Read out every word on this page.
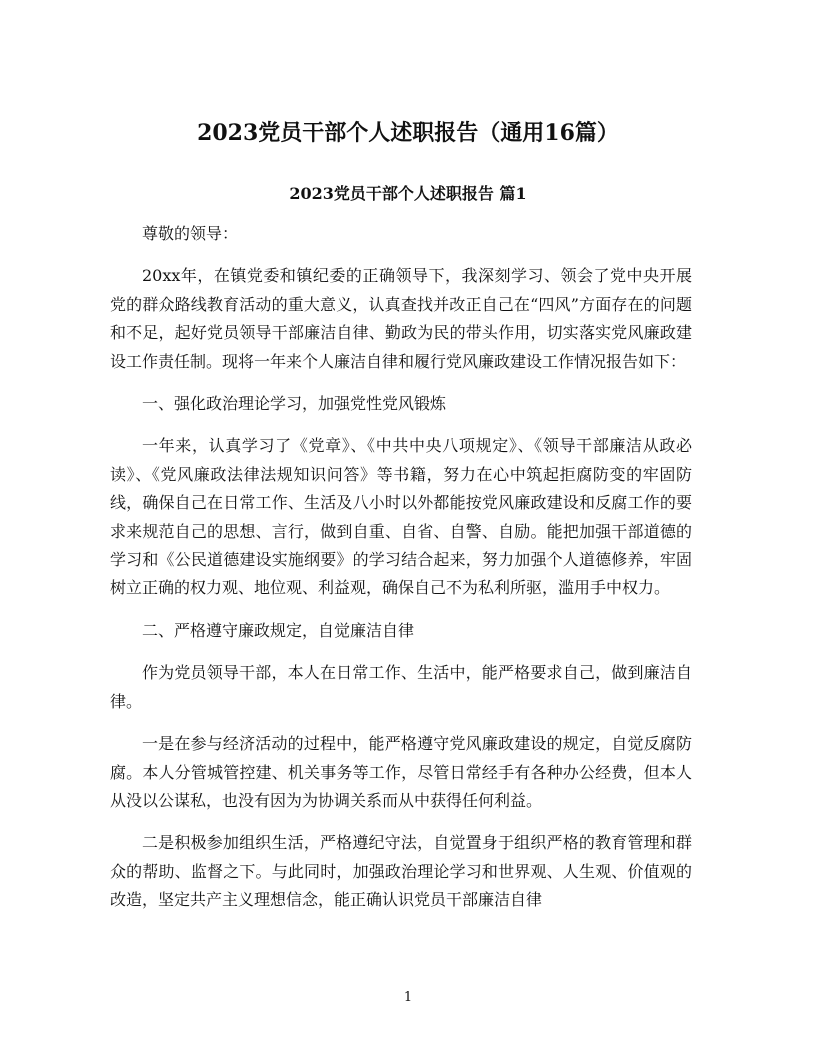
2023党员干部个人述职报告（通用16篇）
2023党员干部个人述职报告 篇1

尊敬的领导：

20xx年，在镇党委和镇纪委的正确领导下，我深刻学习、领会了党中央开展党的群众路线教育活动的重大意义，认真查找并改正自己在“四风”方面存在的问题和不足，起好党员领导干部廉洁自律、勤政为民的带头作用，切实落实党风廉政建设工作责任制。现将一年来个人廉洁自律和履行党风廉政建设工作情况报告如下：

一、强化政治理论学习，加强党性党风锻炼

一年来，认真学习了《党章》、《中共中央八项规定》、《领导干部廉洁从政必读》、《党风廉政法律法规知识问答》等书籍，努力在心中筑起拒腐防变的牢固防线，确保自己在日常工作、生活及八小时以外都能按党风廉政建设和反腐工作的要求来规范自己的思想、言行，做到自重、自省、自警、自励。能把加强干部道德的学习和《公民道德建设实施纲要》的学习结合起来，努力加强个人道德修养，牢固树立正确的权力观、地位观、利益观，确保自己不为私利所驱，滥用手中权力。

二、严格遵守廉政规定，自觉廉洁自律

作为党员领导干部，本人在日常工作、生活中，能严格要求自己，做到廉洁自律。

一是在参与经济活动的过程中，能严格遵守党风廉政建设的规定，自觉反腐防腐。本人分管城管控建、机关事务等工作，尽管日常经手有各种办公经费，但本人从没以公谋私，也没有因为为协调关系而从中获得任何利益。

二是积极参加组织生活，严格遵纪守法，自觉置身于组织严格的教育管理和群众的帮助、监督之下。与此同时，加强政治理论学习和世界观、人生观、价值观的改造，坚定共产主义理想信念，能正确认识党员干部廉洁自律

1
